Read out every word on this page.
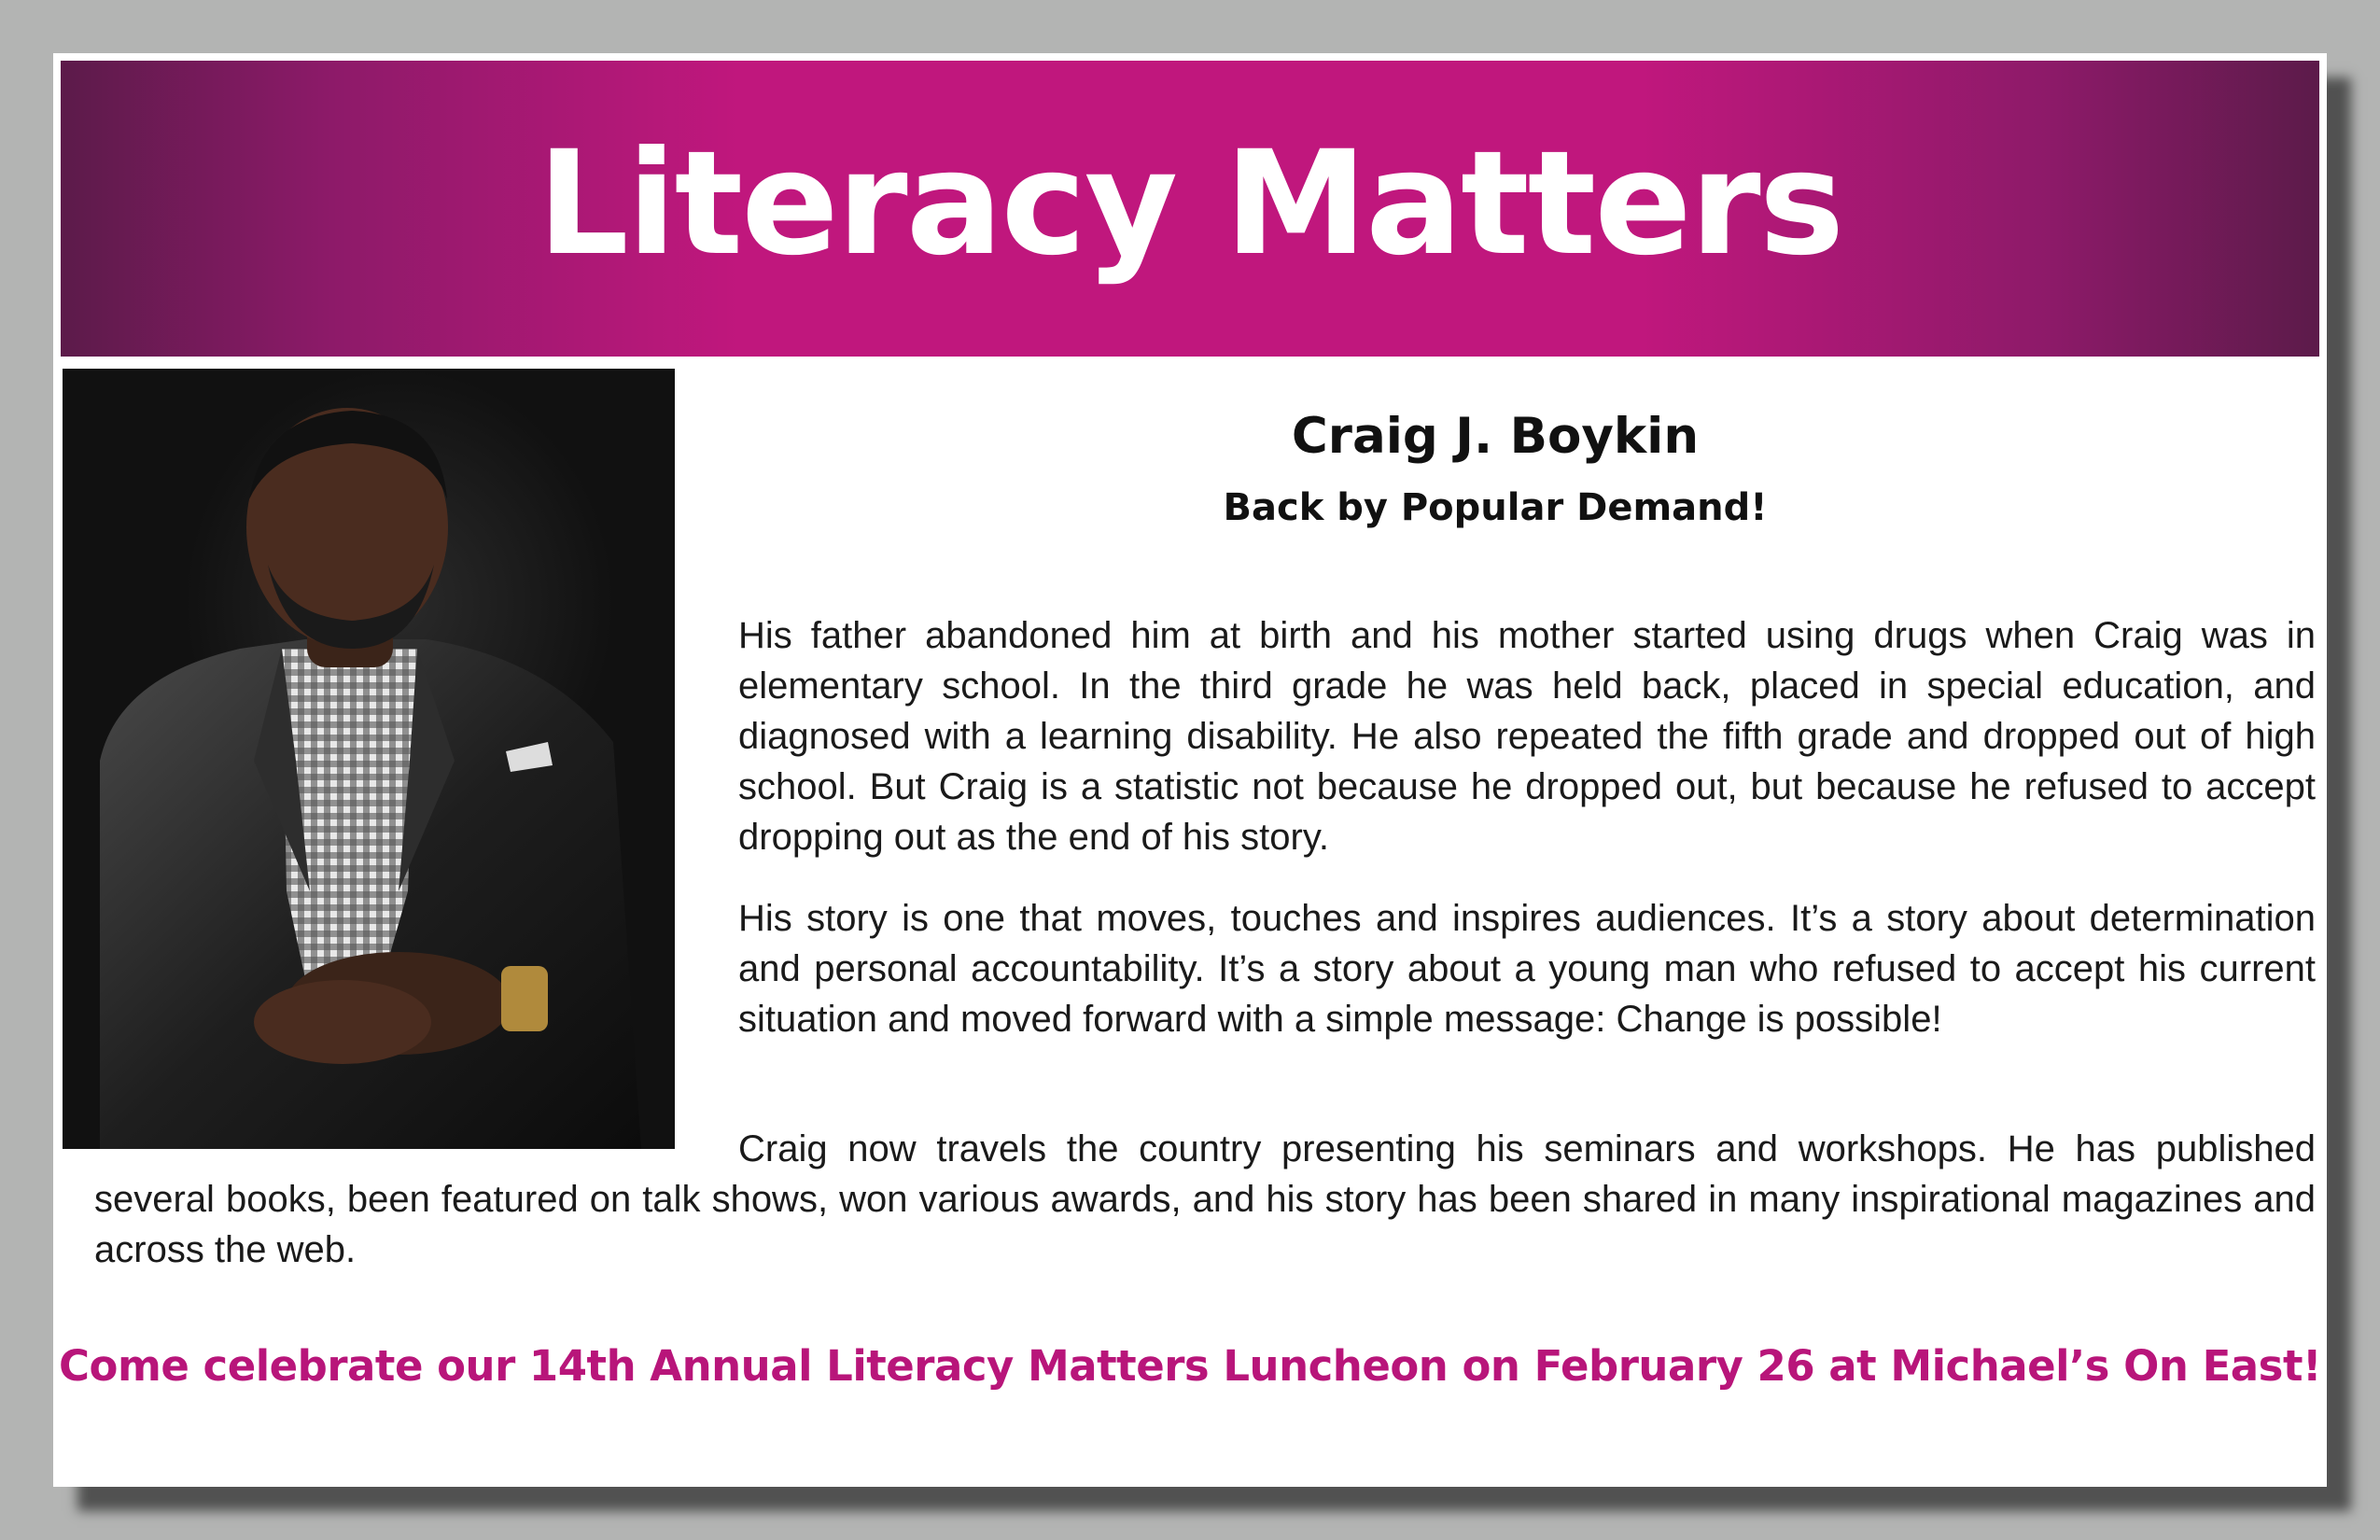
Literacy Matters
Craig J. Boykin
Back by Popular Demand!
His father abandoned him at birth and his mother started using drugs when Craig was in elementary school. In the third grade he was held back, placed in special education, and diagnosed with a learning disability. He also repeated the fifth grade and dropped out of high school. But Craig is a statistic not because he dropped out, but because he refused to accept dropping out as the end of his story.
His story is one that moves, touches and inspires audiences. It’s a story about determination and personal accountability. It’s a story about a young man who refused to accept his current situation and moved forward with a simple message: Change is possible!
Craig now travels the country presenting his seminars and workshops. He has published several books, been featured on talk shows, won various awards, and his story has been shared in many inspirational magazines and across the web.
Come celebrate our 14th Annual Literacy Matters Luncheon on February 26 at Michael’s On East!
